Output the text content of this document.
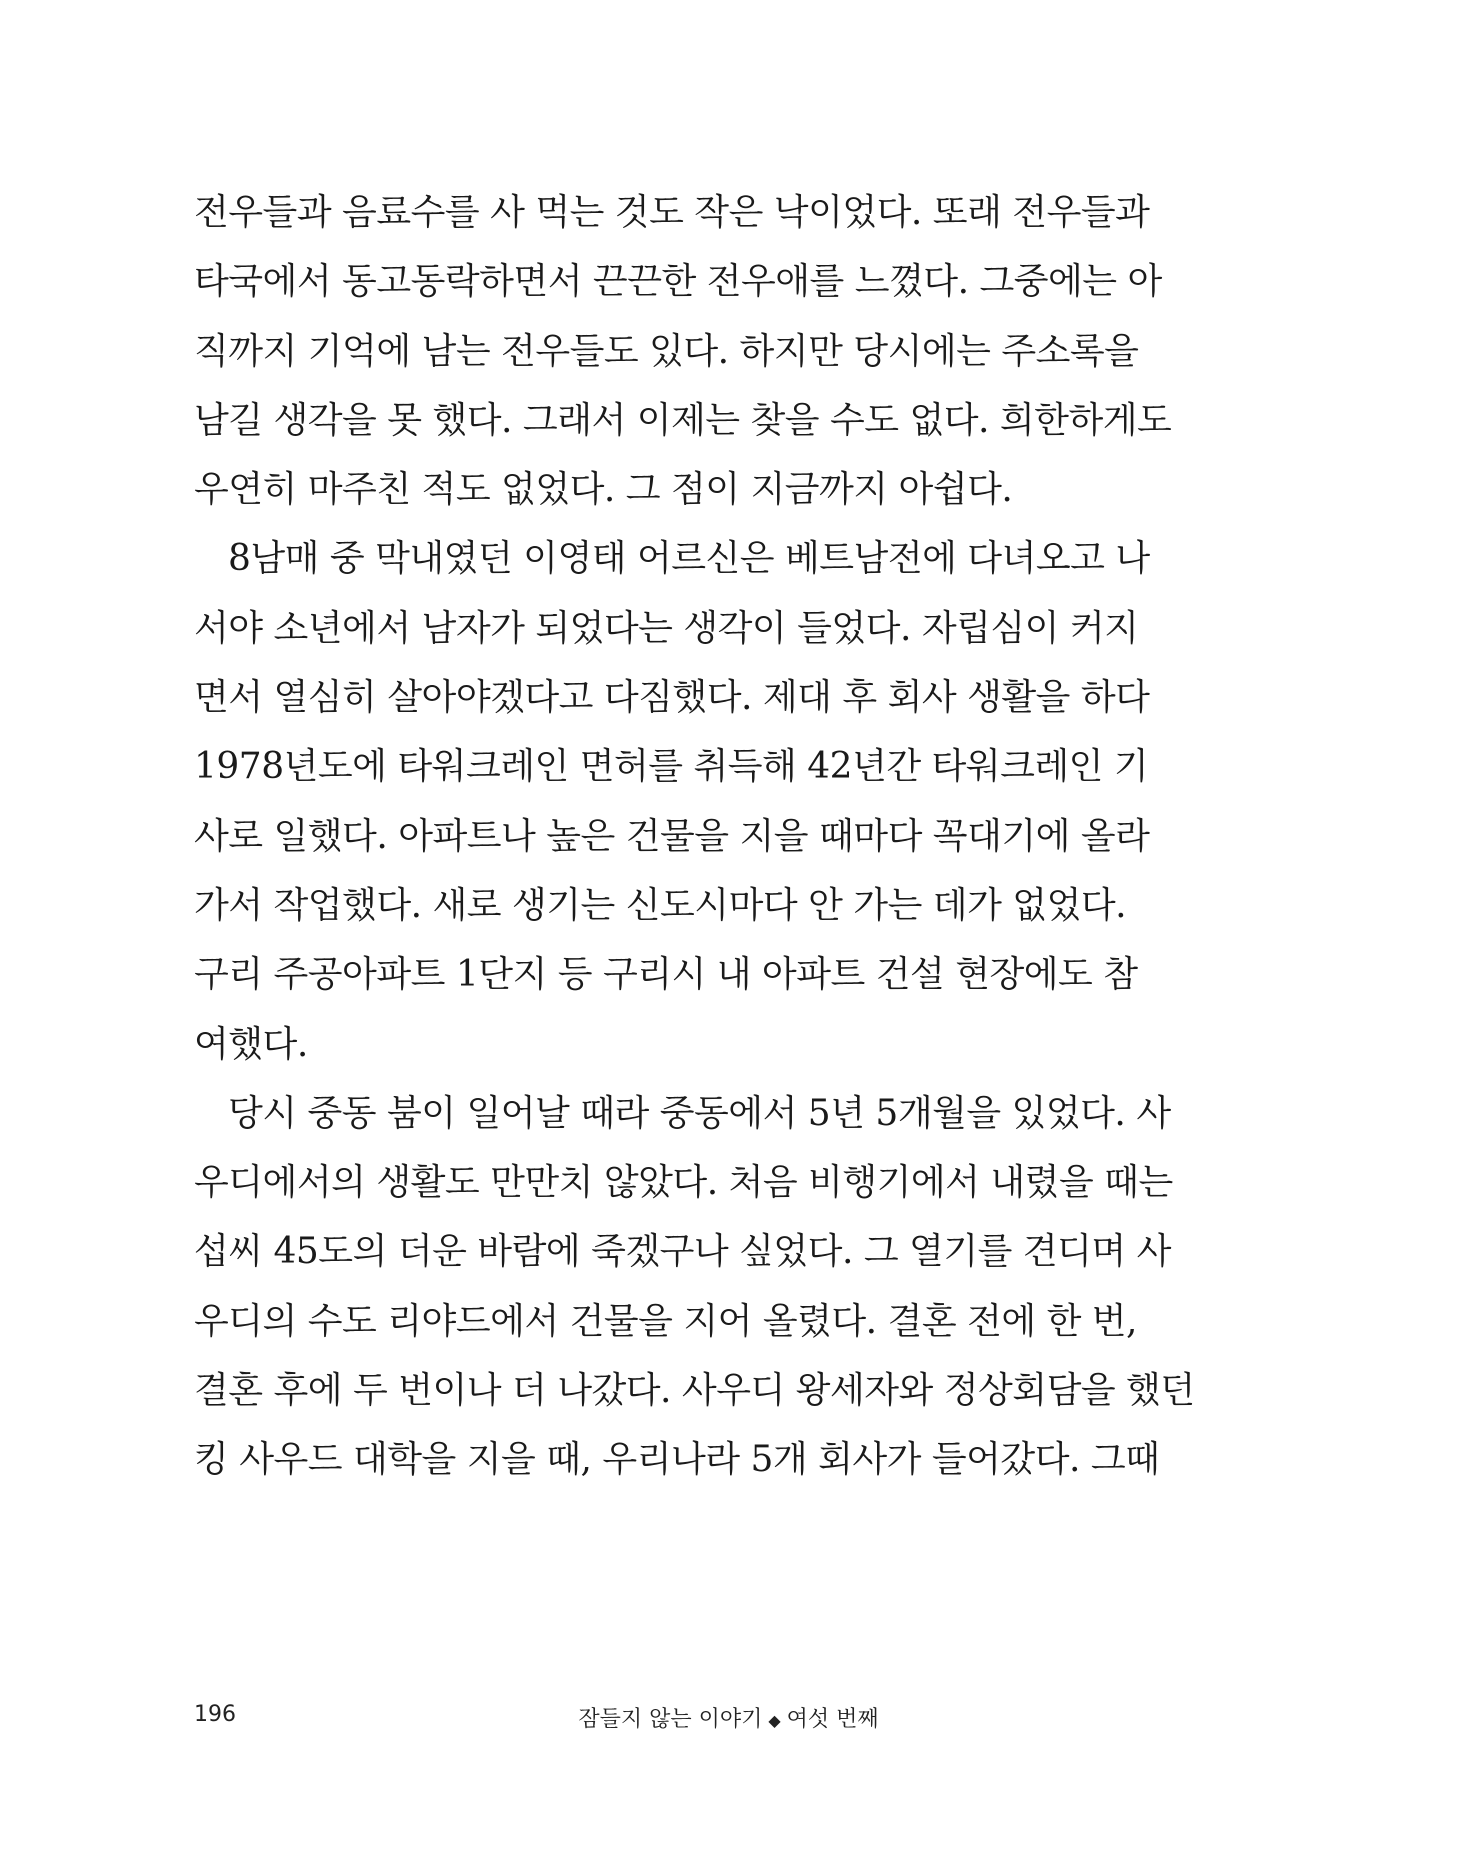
전우들과 음료수를 사 먹는 것도 작은 낙이었다. 또래 전우들과
타국에서 동고동락하면서 끈끈한 전우애를 느꼈다. 그중에는 아
직까지 기억에 남는 전우들도 있다. 하지만 당시에는 주소록을
남길 생각을 못 했다. 그래서 이제는 찾을 수도 없다. 희한하게도
우연히 마주친 적도 없었다. 그 점이 지금까지 아쉽다.
8남매 중 막내였던 이영태 어르신은 베트남전에 다녀오고 나
서야 소년에서 남자가 되었다는 생각이 들었다. 자립심이 커지
면서 열심히 살아야겠다고 다짐했다. 제대 후 회사 생활을 하다
1978년도에 타워크레인 면허를 취득해 42년간 타워크레인 기
사로 일했다. 아파트나 높은 건물을 지을 때마다 꼭대기에 올라
가서 작업했다. 새로 생기는 신도시마다 안 가는 데가 없었다.
구리 주공아파트 1단지 등 구리시 내 아파트 건설 현장에도 참
여했다.
당시 중동 붐이 일어날 때라 중동에서 5년 5개월을 있었다. 사
우디에서의 생활도 만만치 않았다. 처음 비행기에서 내렸을 때는
섭씨 45도의 더운 바람에 죽겠구나 싶었다. 그 열기를 견디며 사
우디의 수도 리야드에서 건물을 지어 올렸다. 결혼 전에 한 번,
결혼 후에 두 번이나 더 나갔다. 사우디 왕세자와 정상회담을 했던
킹 사우드 대학을 지을 때, 우리나라 5개 회사가 들어갔다. 그때
196	잠들지 않는 이야기 ◆ 여섯 번째
